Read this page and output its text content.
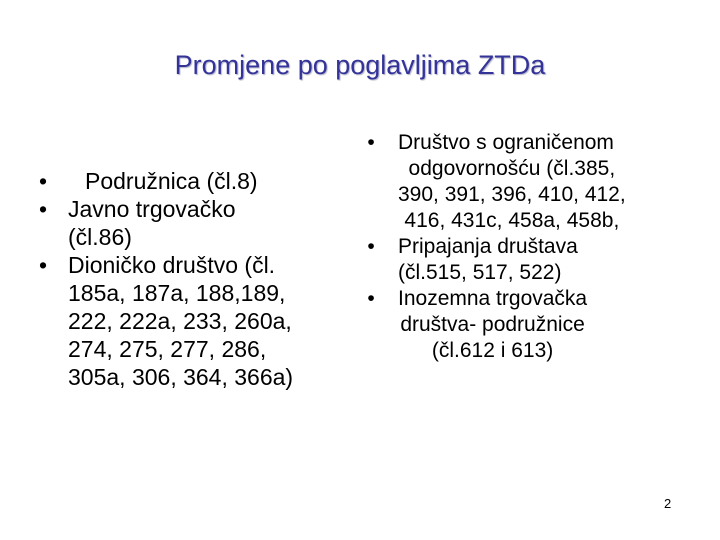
Promjene po poglavljima ZTDa
• Podružnica (čl.8)
• Javno trgovačko
(čl.86)
• Dioničko društvo (čl.
185a, 187a, 188,189,
222, 222a, 233, 260a,
274, 275, 277, 286,
305a, 306, 364, 366a)
•	Društvo s ograničenom
odgovornošću (čl.385,
390, 391, 396, 410, 412,
416, 431c, 458a, 458b,
•	Pripajanja društava
(čl.515, 517, 522)
•	Inozemna trgovačka
društva- podružnice
(čl.612 i 613)
2
